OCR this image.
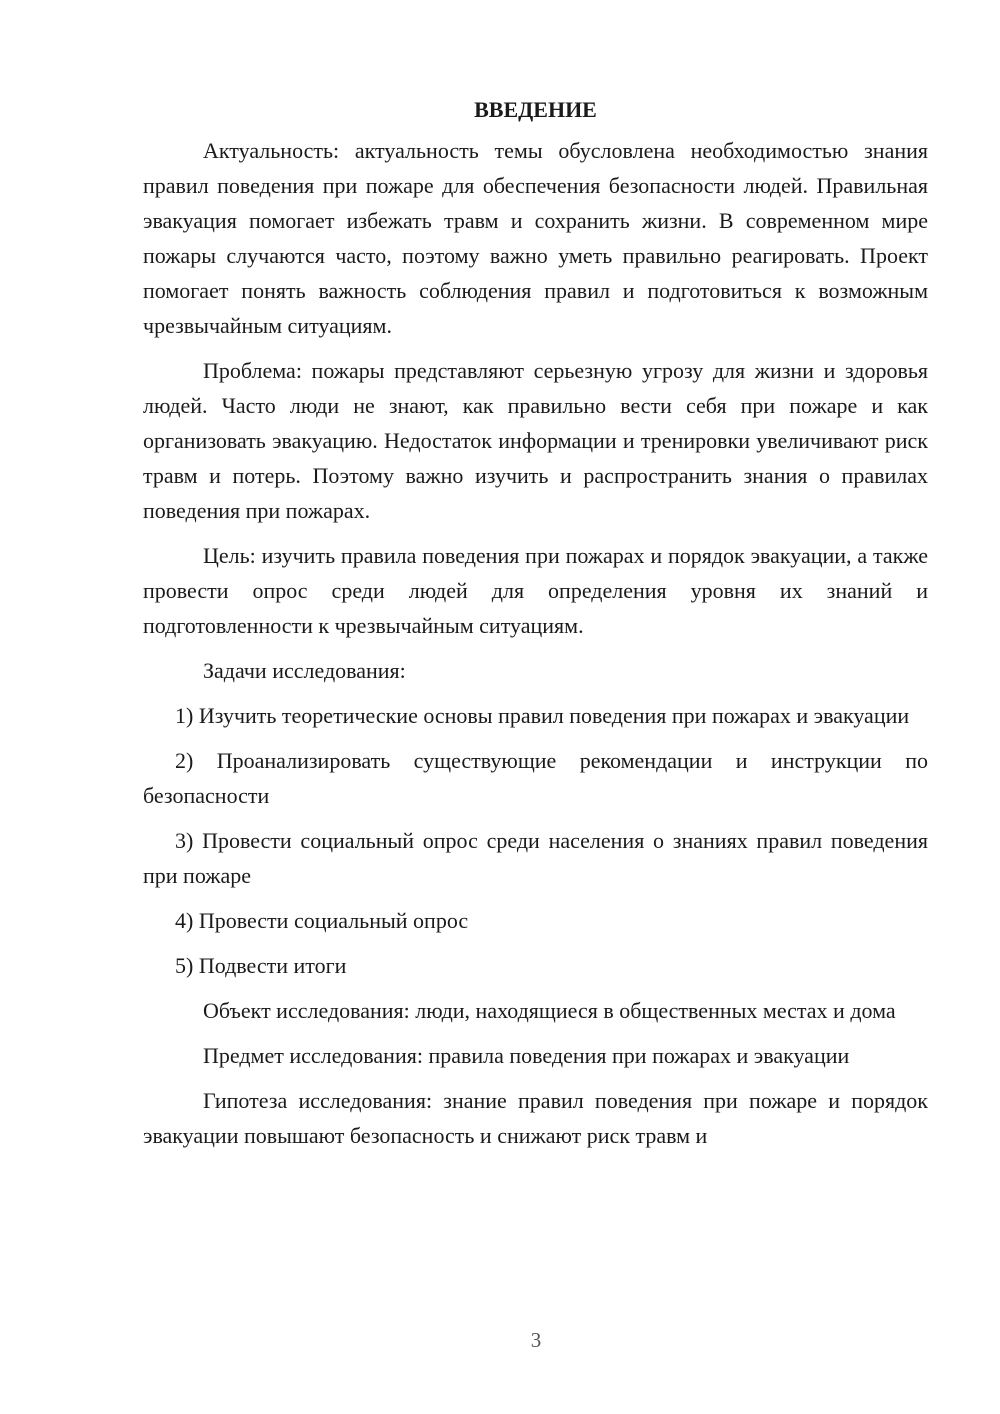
ВВЕДЕНИЕ

Актуальность: актуальность темы обусловлена необходимостью знания правил поведения при пожаре для обеспечения безопасности людей. Правильная эвакуация помогает избежать травм и сохранить жизни. В современном мире пожары случаются часто, поэтому важно уметь правильно реагировать. Проект помогает понять важность соблюдения правил и подготовиться к возможным чрезвычайным ситуациям.

Проблема: пожары представляют серьезную угрозу для жизни и здоровья людей. Часто люди не знают, как правильно вести себя при пожаре и как организовать эвакуацию. Недостаток информации и тренировки увеличивают риск травм и потерь. Поэтому важно изучить и распространить знания о правилах поведения при пожарах.

Цель: изучить правила поведения при пожарах и порядок эвакуации, а также провести опрос среди людей для определения уровня их знаний и подготовленности к чрезвычайным ситуациям.

Задачи исследования:

1) Изучить теоретические основы правил поведения при пожарах и эвакуации

2) Проанализировать существующие рекомендации и инструкции по безопасности

3) Провести социальный опрос среди населения о знаниях правил поведения при пожаре

4) Провести социальный опрос

5) Подвести итоги

Объект исследования: люди, находящиеся в общественных местах и дома

Предмет исследования: правила поведения при пожарах и эвакуации

Гипотеза исследования: знание правил поведения при пожаре и порядок эвакуации повышают безопасность и снижают риск травм и

3
